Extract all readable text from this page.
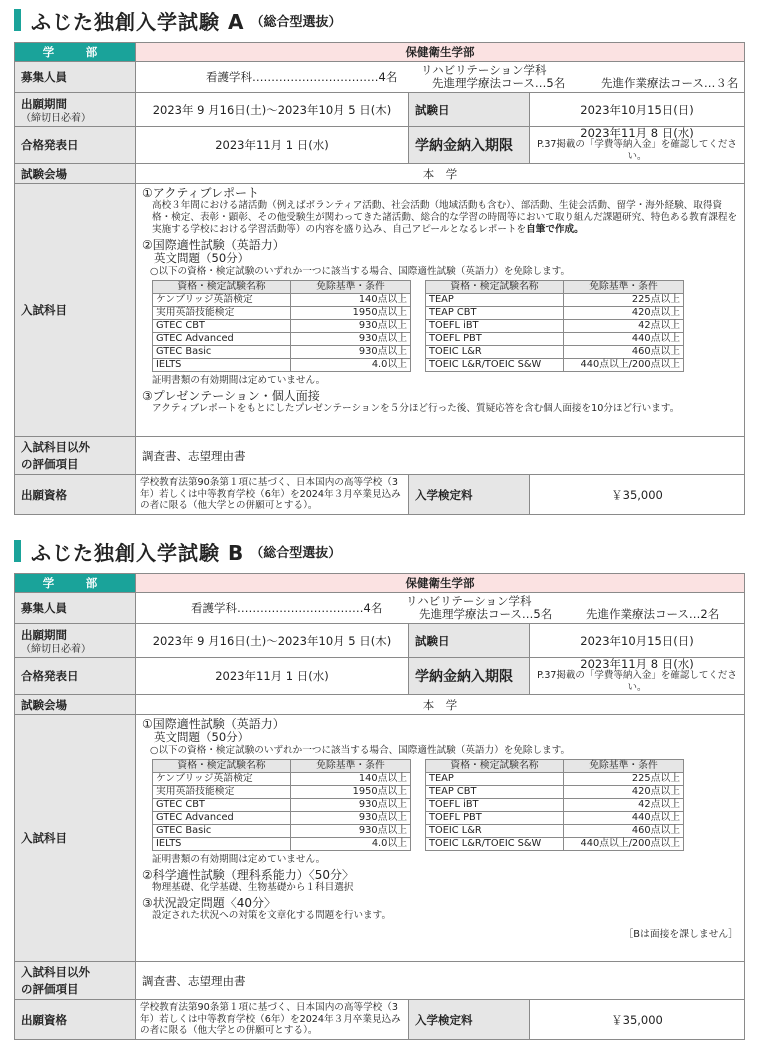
ふじた独創入学試験 A （総合型選抜）
学　部	保健衛生学部
募集人員	看護学科……………………………4名 リハビリテーション学科
先進理学療法コース…5名	先進作業療法コース…３名

出願期間
（締切日必着）
	2023年 9 月16日(土)～2023年10月 5 日(木)	試験日	2023年10月15日(日)
合格発表日	2023年11月 1 日(水)	学納金納入期限	
2023年11月 8 日(水)
P.37掲載の「学費等納入金」を確認してください。

試験会場	本　学
入試科目	
①アクティブレポート
高校３年間における諸活動（例えばボランティア活動、社会活動（地域活動も含む）、部活動、生徒会活動、留学・海外経験、取得資格・検定、表彰・顕彰、その他受験生が関わってきた諸活動、総合的な学習の時間等において取り組んだ課題研究、特色ある教育課程を実施する学校における学習活動等）の内容を盛り込み、自己アピールとなるレポートを自筆で作成。
②国際適性試験（英語力）
英文問題（50分）
○以下の資格・検定試験のいずれか一つに該当する場合、国際適性試験（英語力）を免除します。
資格・検定試験名称	免除基準・条件
ケンブリッジ英語検定	140点以上
実用英語技能検定	1950点以上
GTEC CBT	930点以上
GTEC Advanced	930点以上
GTEC Basic	930点以上
IELTS	4.0以上
資格・検定試験名称	免除基準・条件
TEAP	225点以上
TEAP CBT	420点以上
TOEFL iBT	42点以上
TOEFL PBT	440点以上
TOEIC L&R	460点以上
TOEIC L&R/TOEIC S&W	440点以上/200点以上
証明書類の有効期間は定めていません。
③プレゼンテーション・個人面接
アクティブレポートをもとにしたプレゼンテーションを５分ほど行った後、質疑応答を含む個人面接を10分ほど行います。

入試科目以外
の評価項目
	調査書、志望理由書
出願資格	学校教育法第90条第１項に基づく、日本国内の高等学校（3年）若しくは中等教育学校（6年）を2024年３月卒業見込みの者に限る（他大学との併願可とする）。	入学検定料	￥35,000
ふじた独創入学試験 B （総合型選抜）
学　部	保健衛生学部
募集人員	看護学科……………………………4名 リハビリテーション学科
先進理学療法コース…5名	先進作業療法コース…2名

出願期間
（締切日必着）
	2023年 9 月16日(土)～2023年10月 5 日(木)	試験日	2023年10月15日(日)
合格発表日	2023年11月 1 日(水)	学納金納入期限	
2023年11月 8 日(水)
P.37掲載の「学費等納入金」を確認してください。

試験会場	本　学
入試科目	
①国際適性試験（英語力）
英文問題（50分）
○以下の資格・検定試験のいずれか一つに該当する場合、国際適性試験（英語力）を免除します。
資格・検定試験名称	免除基準・条件
ケンブリッジ英語検定	140点以上
実用英語技能検定	1950点以上
GTEC CBT	930点以上
GTEC Advanced	930点以上
GTEC Basic	930点以上
IELTS	4.0以上
資格・検定試験名称	免除基準・条件
TEAP	225点以上
TEAP CBT	420点以上
TOEFL iBT	42点以上
TOEFL PBT	440点以上
TOEIC L&R	460点以上
TOEIC L&R/TOEIC S&W	440点以上/200点以上
証明書類の有効期間は定めていません。
②科学適性試験（理科系能力）〈50分〉
物理基礎、化学基礎、生物基礎から１科目選択
③状況設定問題〈40分〉
設定された状況への対策を文章化する問題を行います。
［Bは面接を課しません］

入試科目以外
の評価項目
	調査書、志望理由書
出願資格	学校教育法第90条第１項に基づく、日本国内の高等学校（3年）若しくは中等教育学校（6年）を2024年３月卒業見込みの者に限る（他大学との併願可とする）。	入学検定料	￥35,000
